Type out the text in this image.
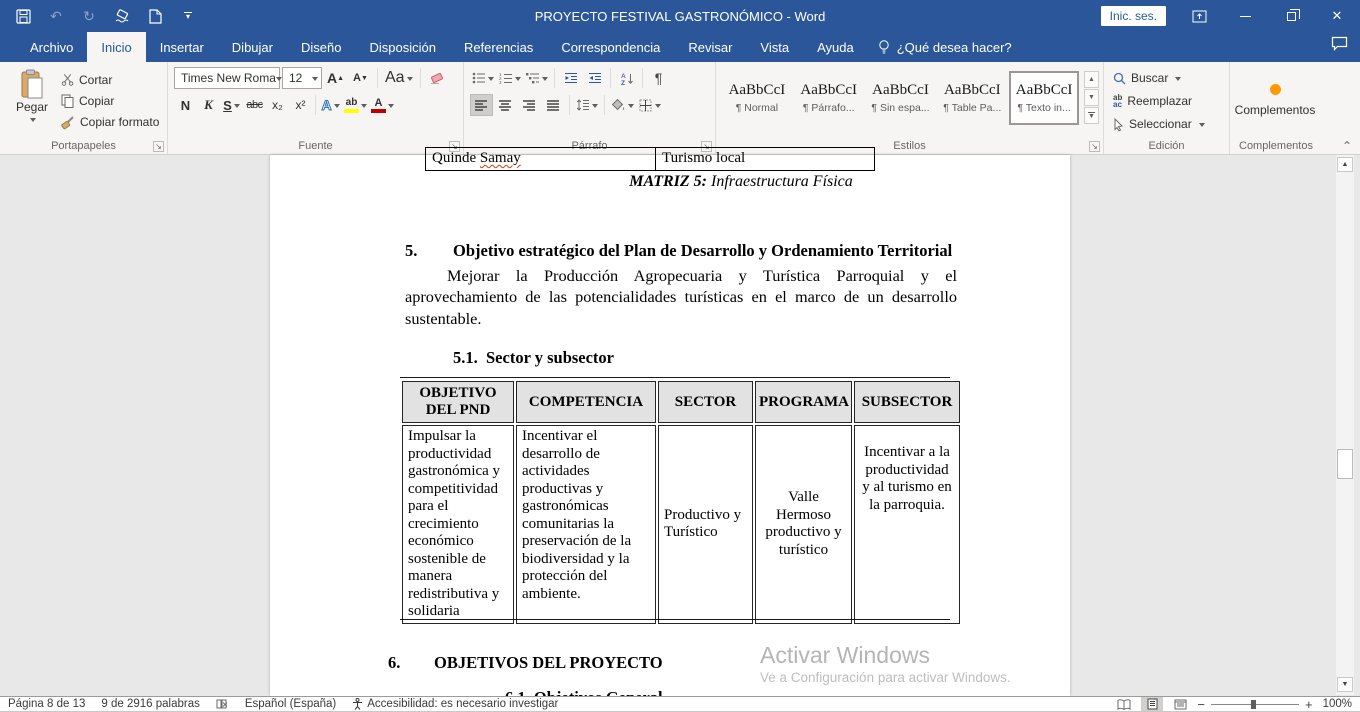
↶ ↻	▾	PROYECTO FESTIVAL GASTRONÓMICO - Word	Inic. ses.	✕
Archivo	Inicio	Insertar	Dibujar	Diseño	Disposición	Referencias	Correspondencia	Revisar	Vista	Ayuda	¿Qué desea hacer?
Pegar
Cortar
Copiar
Copiar formato
Portapapeles	↘
Times New Roma 12 A ▲ A ▼ Aa
N K S abc x₂ x² A ab A
Fuente	↘
1
2
3
A
Z ¶
Párrafo	↘
AaBbCcI
¶ Normal
AaBbCcI
¶ Párrafo...
AaBbCcI
¶ Sin espa...
AaBbCcI
¶ Table Pa...
AaBbCcI
¶ Texto in...
▲
▼
▼
Estilos	↘
Buscar
ab
ac Reemplazar
Seleccionar
Edición
Complementos
Complementos	⌃
Quinde Samay	Turismo local
MATRIZ 5: Infraestructura Física
5.	Objetivo estratégico del Plan de Desarrollo y Ordenamiento Territorial
Mejorar la Producción Agropecuaria y Turística Parroquial y el aprovechamiento de las potencialidades turísticas en el marco de un desarrollo sustentable.
5.1.  Sector y subsector
OBJETIVO DEL PND	COMPETENCIA	SECTOR	PROGRAMA	SUBSECTOR
Impulsar la productividad gastronómica y competitividad para el crecimiento económico sostenible de manera redistributiva y solidaria	Incentivar el desarrollo de actividades productivas y gastronómicas comunitarias la preservación de la biodiversidad y la protección del ambiente.	Productivo y Turístico	Valle Hermoso productivo y turístico	Incentivar a la productividad y al turismo en la parroquia.
6.	OBJETIVOS DEL PROYECTO	Activar Windows
Ve a Configuración para activar Windows.
▲
▼
Página 8 de 13 9 de 2916 palabras	Español (España)	Accesibilidad: es necesario investigar	−	+ 100%
